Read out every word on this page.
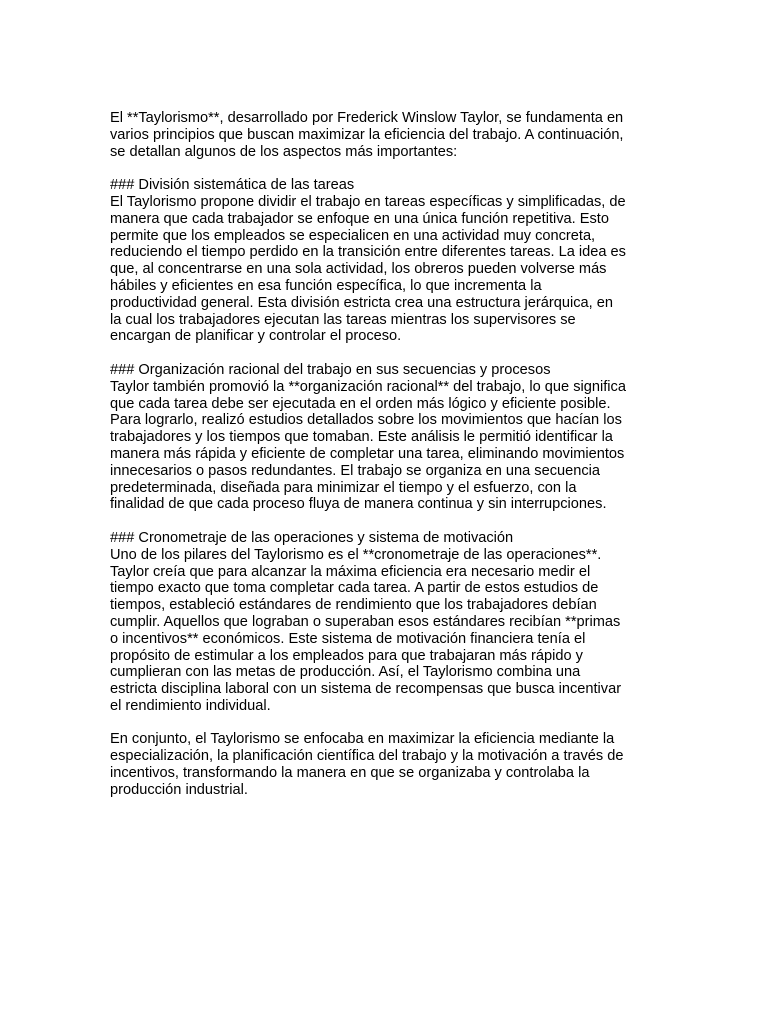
El **Taylorismo**, desarrollado por Frederick Winslow Taylor, se fundamenta en
varios principios que buscan maximizar la eficiencia del trabajo. A continuación,
se detallan algunos de los aspectos más importantes:
### División sistemática de las tareas
El Taylorismo propone dividir el trabajo en tareas específicas y simplificadas, de
manera que cada trabajador se enfoque en una única función repetitiva. Esto
permite que los empleados se especialicen en una actividad muy concreta,
reduciendo el tiempo perdido en la transición entre diferentes tareas. La idea es
que, al concentrarse en una sola actividad, los obreros pueden volverse más
hábiles y eficientes en esa función específica, lo que incrementa la
productividad general. Esta división estricta crea una estructura jerárquica, en
la cual los trabajadores ejecutan las tareas mientras los supervisores se
encargan de planificar y controlar el proceso.
### Organización racional del trabajo en sus secuencias y procesos
Taylor también promovió la **organización racional** del trabajo, lo que significa
que cada tarea debe ser ejecutada en el orden más lógico y eficiente posible.
Para lograrlo, realizó estudios detallados sobre los movimientos que hacían los
trabajadores y los tiempos que tomaban. Este análisis le permitió identificar la
manera más rápida y eficiente de completar una tarea, eliminando movimientos
innecesarios o pasos redundantes. El trabajo se organiza en una secuencia
predeterminada, diseñada para minimizar el tiempo y el esfuerzo, con la
finalidad de que cada proceso fluya de manera continua y sin interrupciones.
### Cronometraje de las operaciones y sistema de motivación
Uno de los pilares del Taylorismo es el **cronometraje de las operaciones**.
Taylor creía que para alcanzar la máxima eficiencia era necesario medir el
tiempo exacto que toma completar cada tarea. A partir de estos estudios de
tiempos, estableció estándares de rendimiento que los trabajadores debían
cumplir. Aquellos que lograban o superaban esos estándares recibían **primas
o incentivos** económicos. Este sistema de motivación financiera tenía el
propósito de estimular a los empleados para que trabajaran más rápido y
cumplieran con las metas de producción. Así, el Taylorismo combina una
estricta disciplina laboral con un sistema de recompensas que busca incentivar
el rendimiento individual.
En conjunto, el Taylorismo se enfocaba en maximizar la eficiencia mediante la
especialización, la planificación científica del trabajo y la motivación a través de
incentivos, transformando la manera en que se organizaba y controlaba la
producción industrial.
